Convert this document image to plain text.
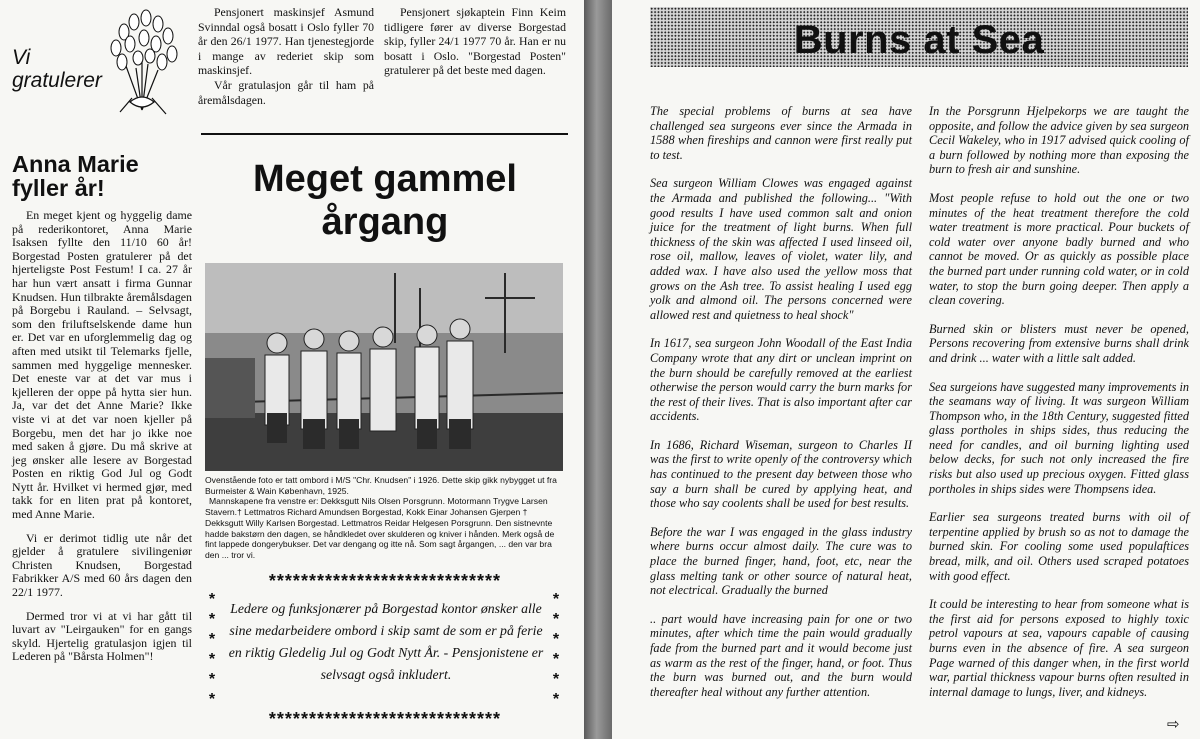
Vi
gratulerer

Pensjonert maskinsjef Asmund Svinndal også bosatt i Oslo fyller 70 år den 26/1 1977. Han tjenestegjorde i mange av rederiet skip som maskinsjef.

Vår gratulasjon går til ham på åremålsdagen.

Pensjonert sjøkaptein Finn Keim tidligere fører av diverse Borgestad skip, fyller 24/1 1977 70 år. Han er nu bosatt i Oslo. "Borgestad Posten" gratulerer på det beste med dagen.

Anna Marie fyller år!

En meget kjent og hyggelig dame på rederikontoret, Anna Marie Isaksen fyllte den 11/10 60 år! Borgestad Posten gratulerer på det hjerteligste Post Festum! I ca. 27 år har hun vært ansatt i firma Gunnar Knudsen. Hun tilbrakte åremålsdagen på Borgebu i Rauland. – Selvsagt, som den friluftselskende dame hun er. Det var en uforglemmelig dag og aften med utsikt til Telemarks fjelle, sammen med hyggelige mennesker. Det eneste var at det var mus i kjelleren der oppe på hytta sier hun. Ja, var det det Anne Marie? Ikke viste vi at det var noen kjeller på Borgebu, men det har jo ikke noe med saken å gjøre. Du må skrive at jeg ønsker alle lesere av Borgestad Posten en riktig God Jul og Godt Nytt år. Hvilket vi hermed gjør, med takk for en liten prat på kontoret, med Anne Marie.

Vi er derimot tidlig ute når det gjelder å gratulere sivilingeniør Christen Knudsen, Borgestad Fabrikker A/S med 60 års dagen den 22/1 1977.

Dermed tror vi at vi har gått til luvart av "Leirgauken" for en gangs skyld. Hjertelig gratulasjon igjen til Lederen på "Bårsta Holmen"!

Meget gammel
årgang

Ovenstående foto er tatt ombord i M/S "Chr. Knudsen" i 1926. Dette skip gikk nybygget ut fra Burmeister & Wain København, 1925.

Mannskapene fra venstre er: Dekksgutt Nils Olsen Porsgrunn. Motormann Trygve Larsen Stavern.† Lettmatros Richard Amundsen Borgestad, Kokk Einar Johansen Gjerpen † Dekksgutt Willy Karlsen Borgestad. Lettmatros Reidar Helgesen Porsgrunn. Den sistnevnte hadde bakstørn den dagen, se håndkledet over skulderen og kniver i hånden. Merk også de fint lappede dongerybukser. Det var dengang og itte nå. Som sagt årgangen, ... den var bra den ... tror vi.

*****************************
*
*
*
*
*
*
*
*
*
*
*
*
Ledere og funksjonærer på Borgestad kontor ønsker alle sine medarbeidere ombord i skip samt de som er på ferie en riktig Gledelig Jul og Godt Nytt År. - Pensjonistene er selvsagt også inkludert.
*****************************
Burns at Sea

The special problems of burns at sea have challenged sea surgeons ever since the Armada in 1588 when fireships and cannon were first really put to test.

Sea surgeon William Clowes was engaged against the Armada and published the following... "With good results I have used common salt and onion juice for the treatment of light burns. When full thickness of the skin was affected I used linseed oil, rose oil, mallow, leaves of violet, water lily, and added wax. I have also used the yellow moss that grows on the Ash tree. To assist healing I used egg yolk and almond oil. The persons concerned were allowed rest and quietness to heal shock"

In 1617, sea surgeon John Woodall of the East India Company wrote that any dirt or unclean imprint on the burn should be carefully removed at the earliest otherwise the person would carry the burn marks for the rest of their lives. That is also important after car accidents.

In 1686, Richard Wiseman, surgeon to Charles II was the first to write openly of the controversy which has continued to the present day between those who say a burn shall be cured by applying heat, and those who say coolents shall be used for best results.

Before the war I was engaged in the glass industry where burns occur almost daily. The cure was to place the burned finger, hand, foot, etc, near the glass melting tank or other source of natural heat, not electrical. Gradually the burned

.. part would have increasing pain for one or two minutes, after which time the pain would gradually fade from the burned part and it would become just as warm as the rest of the finger, hand, or foot. Thus the burn was burned out, and the burn would thereafter heal without any further attention.

In the Porsgrunn Hjelpekorps we are taught the opposite, and follow the advice given by sea surgeon Cecil Wakeley, who in 1917 advised quick cooling of a burn followed by nothing more than exposing the burn to fresh air and sunshine.

Most people refuse to hold out the one or two minutes of the heat treatment therefore the cold water treatment is more practical. Pour buckets of cold water over anyone badly burned and who cannot be moved. Or as quickly as possible place the burned part under running cold water, or in cold water, to stop the burn going deeper. Then apply a clean covering.

Burned skin or blisters must never be opened, Persons recovering from extensive burns shall drink and drink ... water with a little salt added.

Sea surgeions have suggested many improvements in the seamans way of living. It was surgeon William Thompson who, in the 18th Century, suggested fitted glass portholes in ships sides, thus reducing the need for candles, and oil burning lighting used below decks, for such not only increased the fire risks but also used up precious oxygen. Fitted glass portholes in ships sides were Thompsens idea.

Earlier sea surgeons treated burns with oil of terpentine applied by brush so as not to damage the burned skin. For cooling some used populaftices bread, milk, and oil. Others used scraped potatoes with good effect.

It could be interesting to hear from someone what is the first aid for persons exposed to highly toxic petrol vapours at sea, vapours capable of causing burns even in the absence of fire. A sea surgeon Page warned of this danger when, in the first world war, partial thickness vapour burns often resulted in internal damage to lungs, liver, and kidneys.

⇨
